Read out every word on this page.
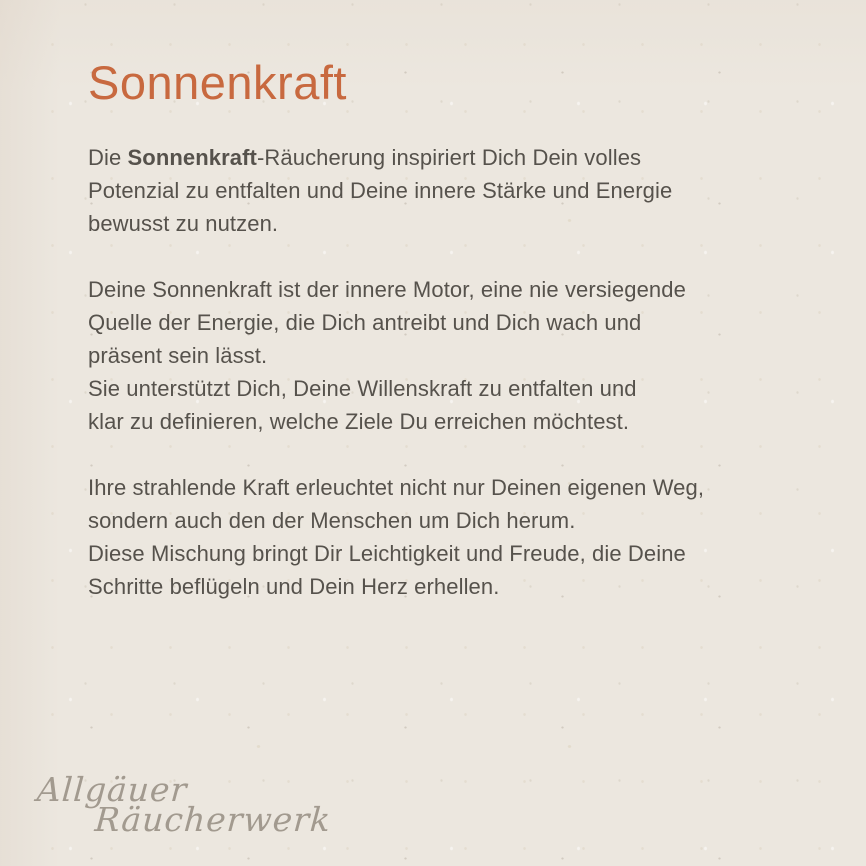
Sonnenkraft

Die Sonnenkraft-Räucherung inspiriert Dich Dein volles
Potenzial zu entfalten und Deine innere Stärke und Energie
bewusst zu nutzen.

Deine Sonnenkraft ist der innere Motor, eine nie versiegende
Quelle der Energie, die Dich antreibt und Dich wach und
präsent sein lässt.
Sie unterstützt Dich, Deine Willenskraft zu entfalten und
klar zu definieren, welche Ziele Du erreichen möchtest.

Ihre strahlende Kraft erleuchtet nicht nur Deinen eigenen Weg,
sondern auch den der Menschen um Dich herum.
Diese Mischung bringt Dir Leichtigkeit und Freude, die Deine
Schritte beflügeln und Dein Herz erhellen.

Allgäuer
Räucherwerk
